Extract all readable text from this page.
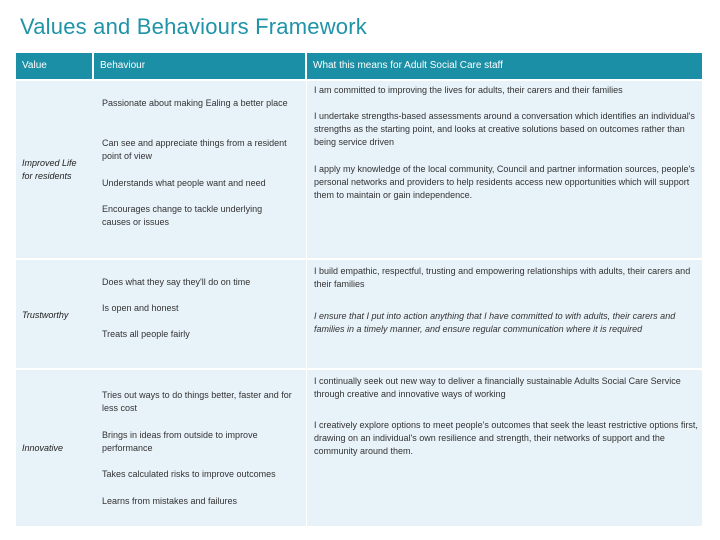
Values and Behaviours Framework
Value	Behaviour	What this means for Adult Social Care staff
Improved Life for residents
Passionate about making Ealing a better place
Can see and appreciate things from a resident point of view
Understands what people want and need
Encourages change to tackle underlying causes or issues
I am committed to improving the lives for adults, their carers and their families
I undertake strengths-based assessments around a conversation which identifies an individual's strengths as the starting point, and looks at creative solutions based on outcomes rather than being service driven
I apply my knowledge of the local community, Council and partner information sources, people's personal networks and providers to help residents access new opportunities which will support them to maintain or gain independence.
Trustworthy
Does what they say they'll do on time
Is open and honest
Treats all people fairly
I build empathic, respectful, trusting and empowering relationships with adults, their carers and their families
I ensure that I put into action anything that I have committed to with adults, their carers and families in a timely manner, and ensure regular communication where it is required
Innovative
Tries out ways to do things better, faster and for less cost
Brings in ideas from outside to improve performance
Takes calculated risks to improve outcomes
Learns from mistakes and failures
I continually seek out new way to deliver a financially sustainable Adults Social Care Service through creative and innovative ways of working
I creatively explore options to meet people's outcomes that seek the least restrictive options first, drawing on an individual's own resilience and strength, their networks of support and the community around them.
